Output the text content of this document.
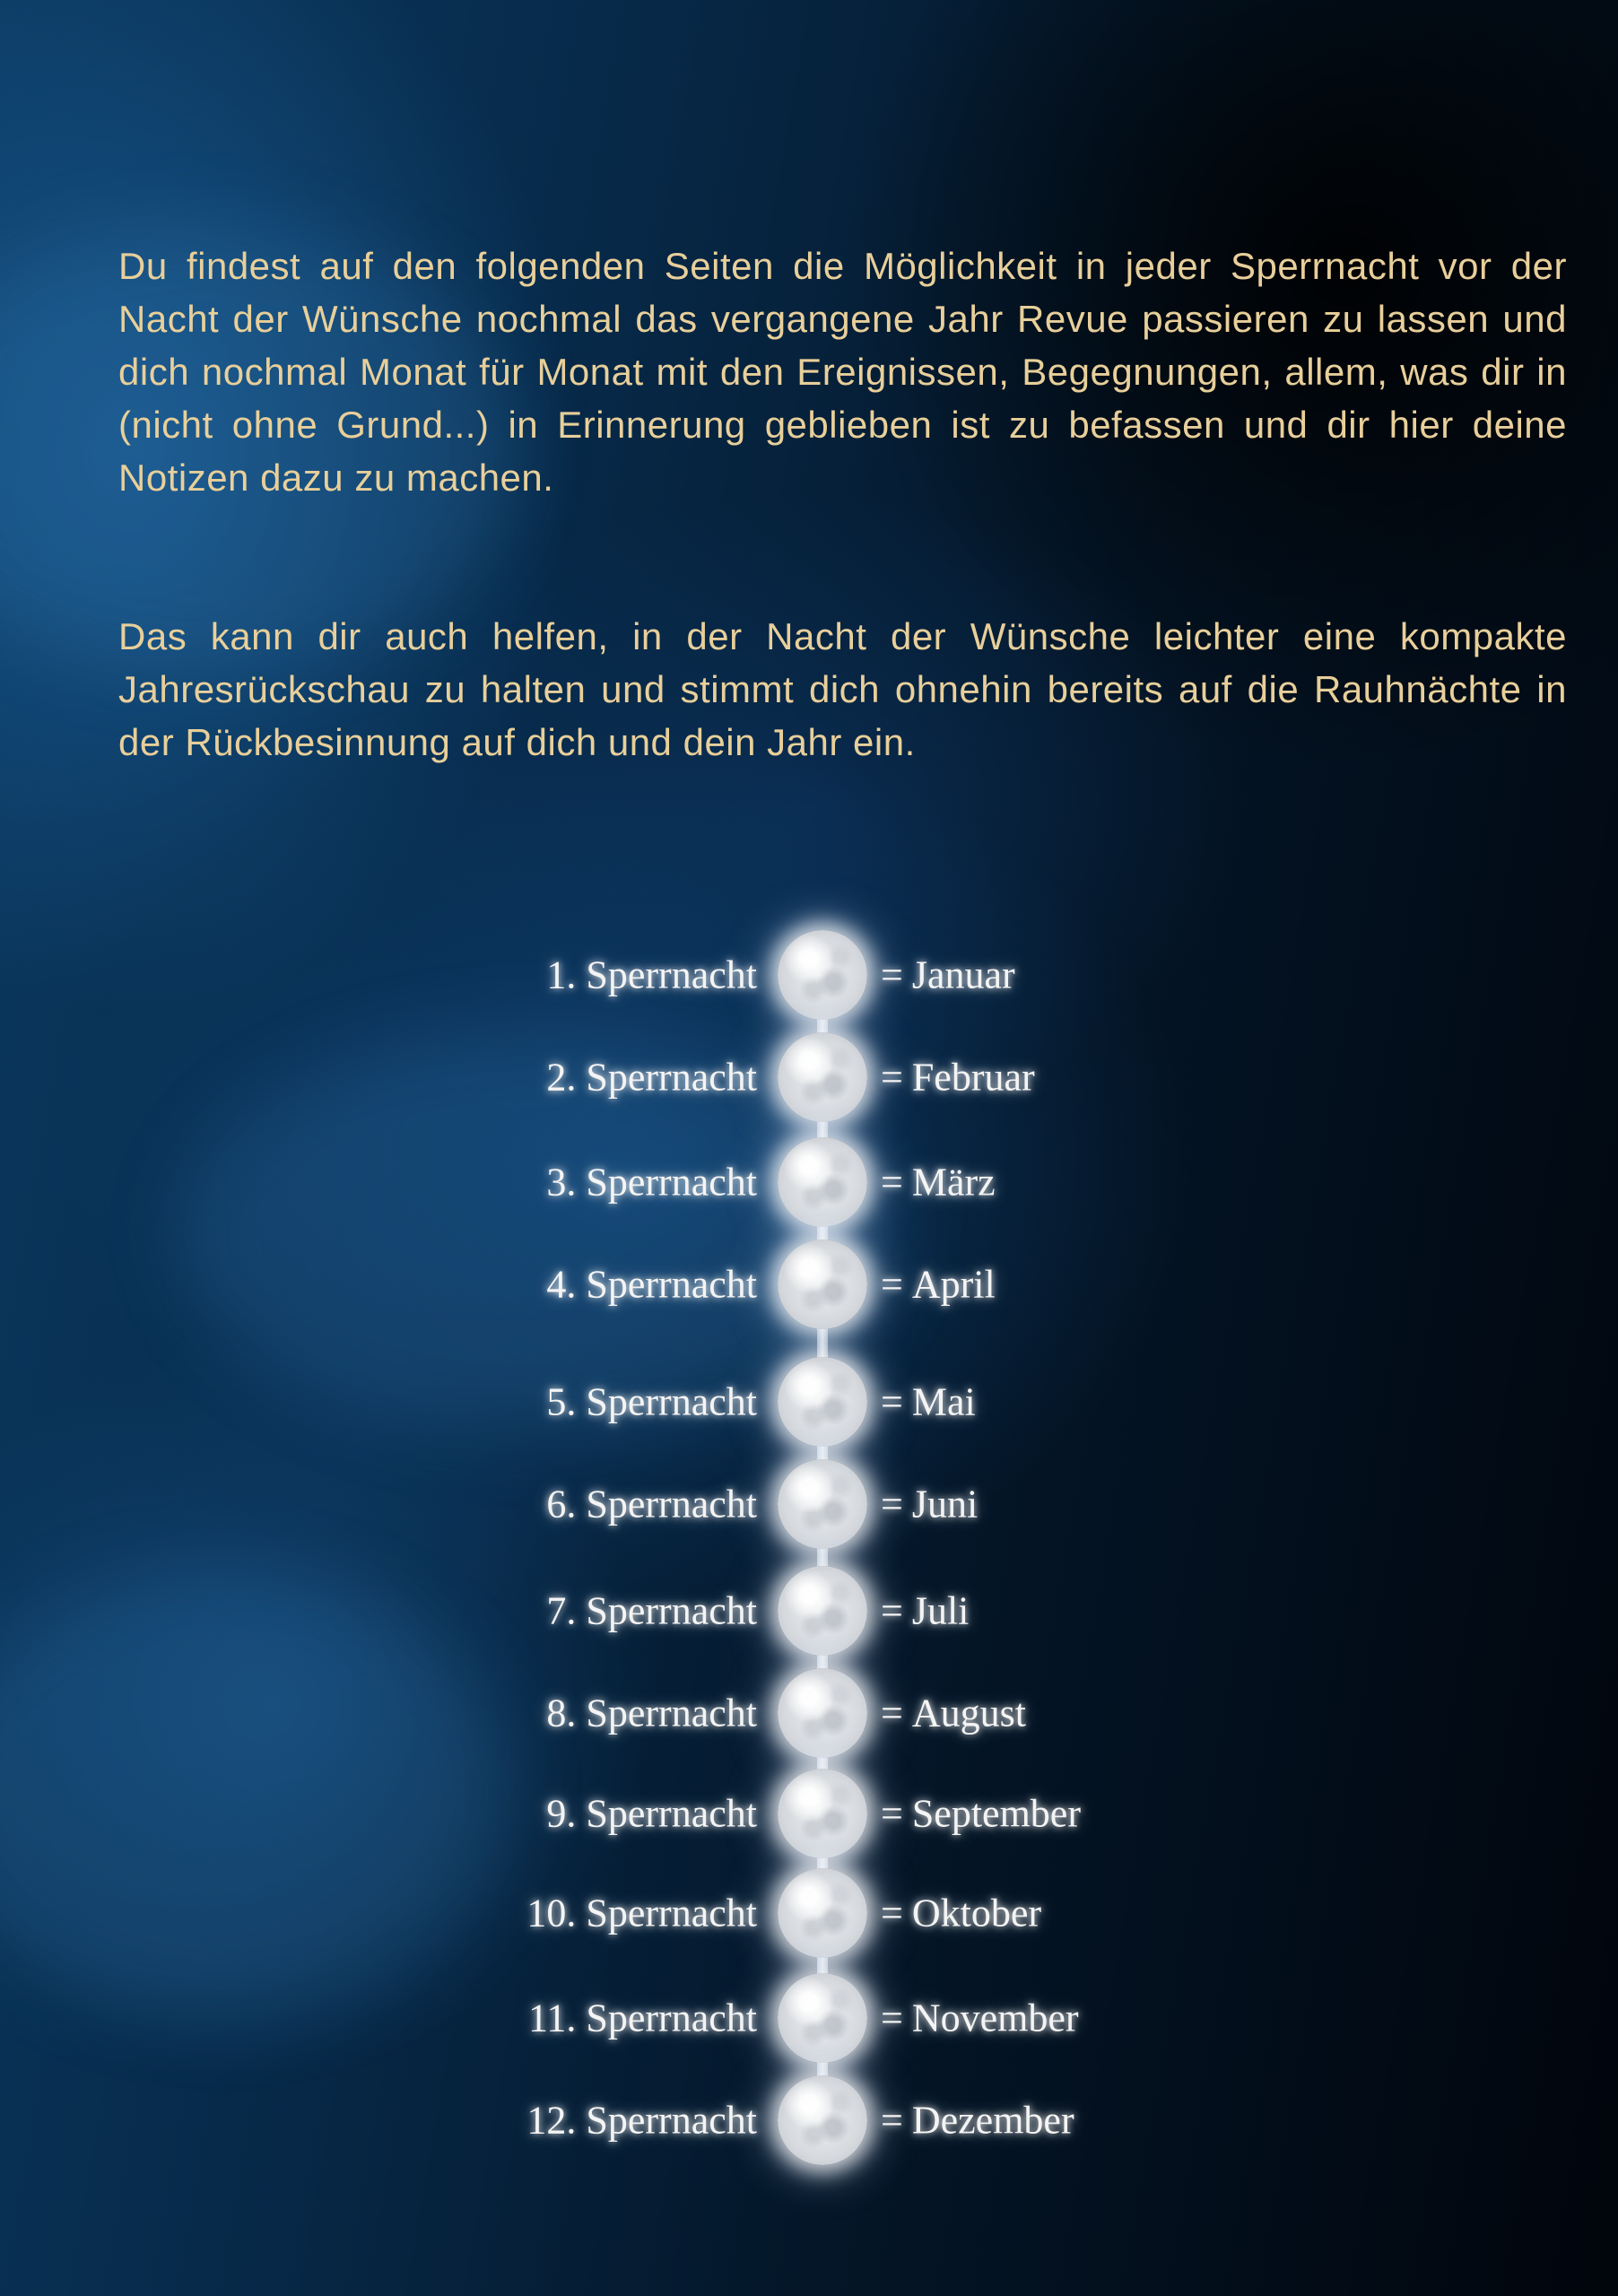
Du findest auf den folgenden Seiten die Möglichkeit in jeder Sperrnacht vor der Nacht der Wünsche nochmal das vergangene Jahr Revue passieren zu lassen und dich nochmal Monat für Monat mit den Ereignissen, Begegnungen, allem, was dir in (nicht ohne Grund...) in Erinnerung geblieben ist zu befassen und dir hier deine Notizen dazu zu machen.

Das kann dir auch helfen, in der Nacht der Wünsche leichter eine kompakte Jahresrückschau zu halten und stimmt dich ohnehin bereits auf die Rauhnächte in der Rückbesinnung auf dich und dein Jahr ein.

1. Sperrnacht	= Januar
2. Sperrnacht	= Februar
3. Sperrnacht	= März
4. Sperrnacht	= April
5. Sperrnacht	= Mai
6. Sperrnacht	= Juni
7. Sperrnacht	= Juli
8. Sperrnacht	= August
9. Sperrnacht	= September
10. Sperrnacht	= Oktober
11. Sperrnacht	= November
12. Sperrnacht	= Dezember
